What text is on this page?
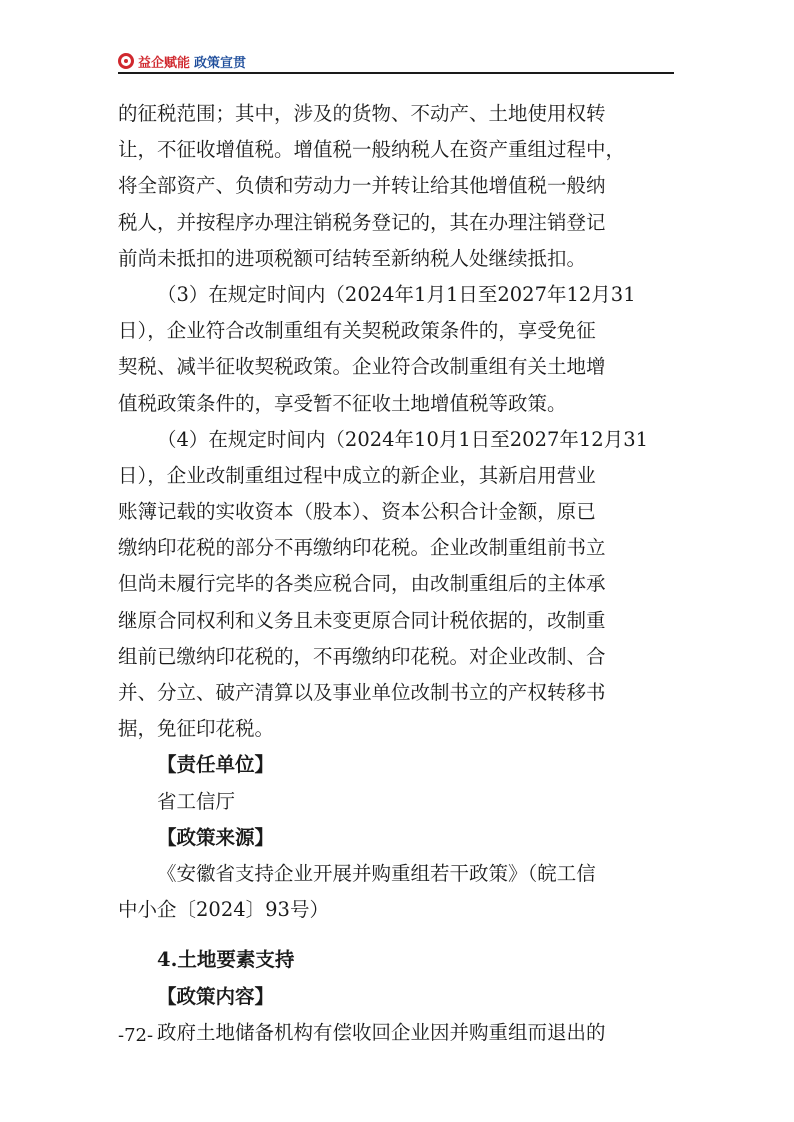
益企赋能 政策宣贯
的征税范围；其中，涉及的货物、不动产、土地使用权转
让，不征收增值税。增值税一般纳税人在资产重组过程中，
将全部资产、负债和劳动力一并转让给其他增值税一般纳
税人，并按程序办理注销税务登记的，其在办理注销登记
前尚未抵扣的进项税额可结转至新纳税人处继续抵扣。
（3）在规定时间内（2024年1月1日至2027年12月31
日），企业符合改制重组有关契税政策条件的，享受免征
契税、减半征收契税政策。企业符合改制重组有关土地增
值税政策条件的，享受暂不征收土地增值税等政策。
（4）在规定时间内（2024年10月1日至2027年12月31
日），企业改制重组过程中成立的新企业，其新启用营业
账簿记载的实收资本（股本）、资本公积合计金额，原已
缴纳印花税的部分不再缴纳印花税。企业改制重组前书立
但尚未履行完毕的各类应税合同，由改制重组后的主体承
继原合同权利和义务且未变更原合同计税依据的，改制重
组前已缴纳印花税的，不再缴纳印花税。对企业改制、合
并、分立、破产清算以及事业单位改制书立的产权转移书
据，免征印花税。
【责任单位】
省工信厅
【政策来源】
《安徽省支持企业开展并购重组若干政策》（皖工信
中小企〔2024〕93号）
4.土地要素支持
【政策内容】
政府土地储备机构有偿收回企业因并购重组而退出的
-72-
